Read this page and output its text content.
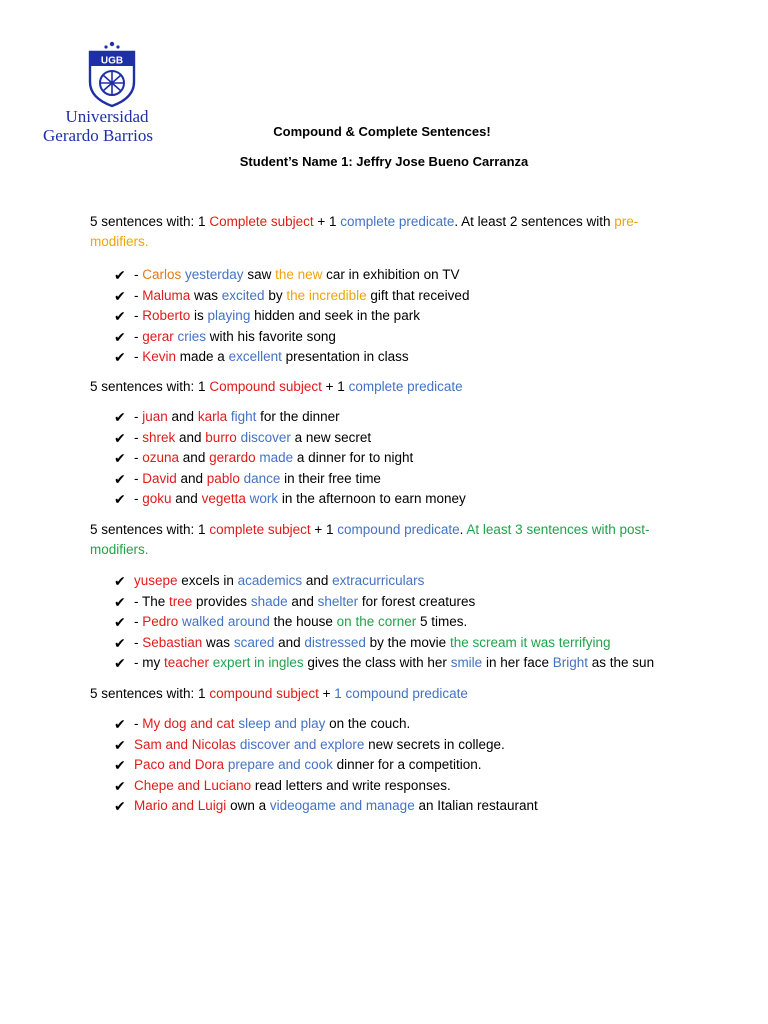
UGB
Universidad
Gerardo Barrios	Compound & Complete Sentences!
Student’s Name 1: Jeffry Jose Bueno Carranza
5 sentences with: 1 Complete subject + 1 complete predicate. At least 2 sentences with pre-modifiers.
✔ - Carlos yesterday saw the new car in exhibition on TV
✔ - Maluma was excited by the incredible gift that received
✔ - Roberto is playing hidden and seek in the park
✔ - gerar cries with his favorite song
✔ - Kevin made a excellent presentation in class
5 sentences with: 1 Compound subject + 1 complete predicate
✔ - juan and karla fight for the dinner
✔ - shrek and burro discover a new secret
✔ - ozuna and gerardo made a dinner for to night
✔ - David and pablo dance in their free time
✔ - goku and vegetta work in the afternoon to earn money
5 sentences with: 1 complete subject + 1 compound predicate. At least 3 sentences with post-modifiers.
✔ yusepe excels in academics and extracurriculars
✔ - The tree provides shade and shelter for forest creatures
✔ - Pedro walked around the house on the corner 5 times.
✔ - Sebastian was scared and distressed by the movie the scream it was terrifying
✔ - my teacher expert in ingles gives the class with her smile in her face Bright as the sun
5 sentences with: 1 compound subject + 1 compound predicate
✔ - My dog and cat sleep and play on the couch.
✔ Sam and Nicolas discover and explore new secrets in college.
✔ Paco and Dora prepare and cook dinner for a competition.
✔ Chepe and Luciano read letters and write responses.
✔ Mario and Luigi own a videogame and manage an Italian restaurant
